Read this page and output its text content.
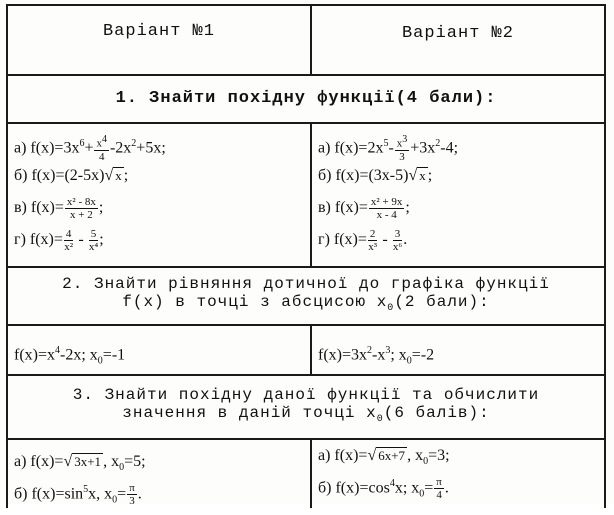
Варіант №1	Варіант №2
1. Знайти похідну функції(4 бали):
а) $f(x)=3x^6+ \frac{x^4}{4} -2x^2+5x$;
б) f(x)=(2-5x)√ x ;
в) $f(x)= \frac{\text{x² - 8x}}{x + 2}$ ;
г) $f(x)= \frac{4}{\text{x²}} - \frac{5}{\text{x⁴}}$ ;
а) $f(x)=2x^5- \frac{x^3}{3} +3x^2-4$;
б) f(x)=(3x-5)√ x ;
в) $f(x)= \frac{\text{x² + 9x}}{x - 4}$ ;
г) $f(x)= \frac{2}{\text{x³}} - \frac{3}{\text{x⁶}}$ .
2. Знайти рівняння дотичної до графіка функції
f(x) в точці з абсцисою $x_0(2$ бали):
$f(x)=x^4-2x$; $x_0=-1$	$f(x)=3x^2-x^3$; $x_0=-2$
3. Знайти похідну даної функції та обчислити
значення в даній точці $x_0(6$ балів):
а) f(x)=√ 3x+1 , $x_0=5$;
б) $f(x)=\sin^5x$, $x_0= \frac{\pi}{3}$ .
а) f(x)=√ 6x+7 , $x_0=3$;
б) $f(x)=\cos^4x$; $x_0= \frac{\pi}{4}$ .
